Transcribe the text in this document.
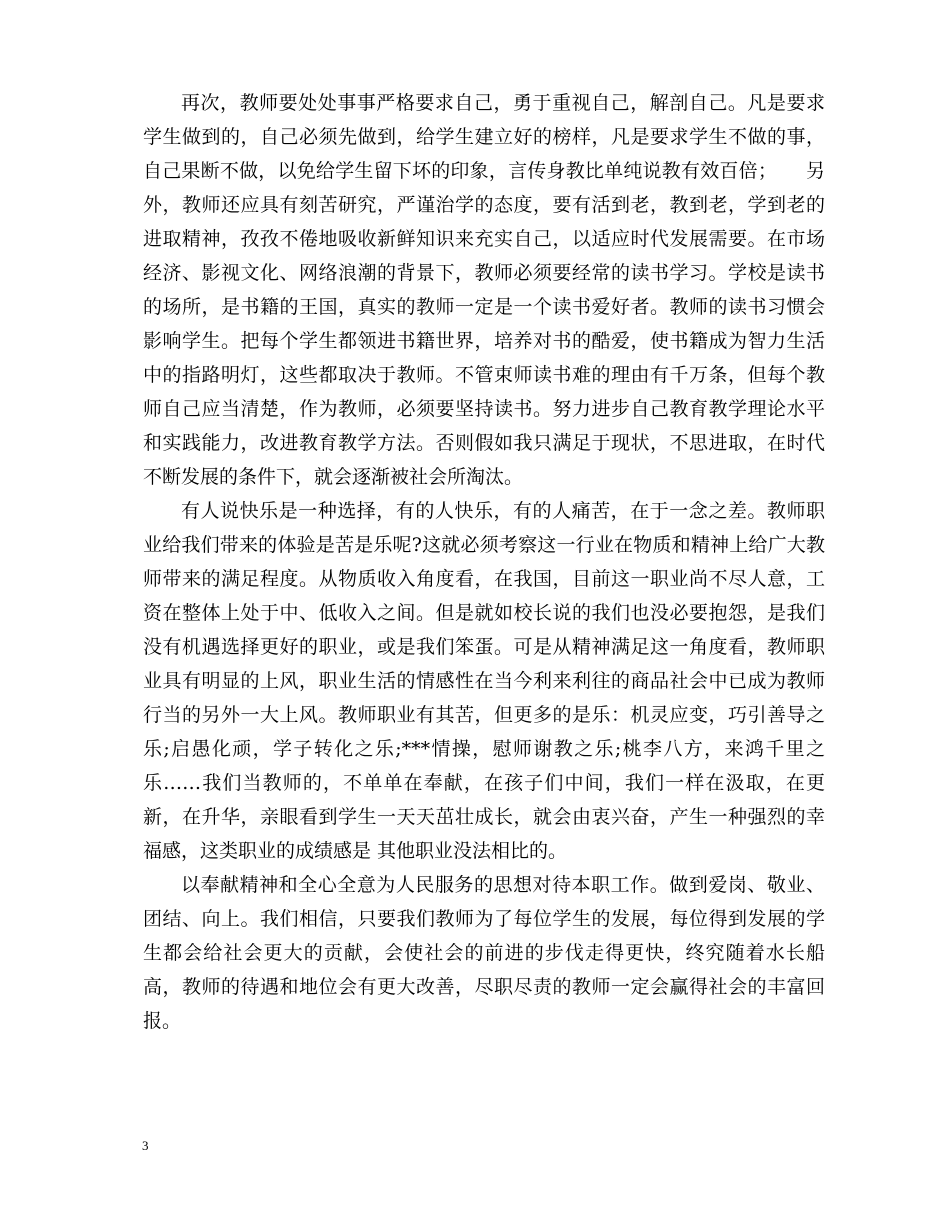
再次，教师要处处事事严格要求自己，勇于重视自己，解剖自己。凡是要求学生做到的，自己必须先做到，给学生建立好的榜样，凡是要求学生不做的事，自己果断不做，以免给学生留下坏的印象，言传身教比单纯说教有效百倍；　　另外，教师还应具有刻苦研究，严谨治学的态度，要有活到老，教到老，学到老的进取精神，孜孜不倦地吸收新鲜知识来充实自己，以适应时代发展需要。在市场经济、影视文化、网络浪潮的背景下，教师必须要经常的读书学习。学校是读书的场所，是书籍的王国，真实的教师一定是一个读书爱好者。教师的读书习惯会影响学生。把每个学生都领进书籍世界，培养对书的酷爱，使书籍成为智力生活中的指路明灯，这些都取决于教师。不管束师读书难的理由有千万条，但每个教师自己应当清楚，作为教师，必须要坚持读书。努力进步自己教育教学理论水平和实践能力，改进教育教学方法。否则假如我只满足于现状，不思进取，在时代不断发展的条件下，就会逐渐被社会所淘汰。

有人说快乐是一种选择，有的人快乐，有的人痛苦，在于一念之差。教师职业给我们带来的体验是苦是乐呢?这就必须考察这一行业在物质和精神上给广大教师带来的满足程度。从物质收入角度看，在我国，目前这一职业尚不尽人意，工资在整体上处于中、低收入之间。但是就如校长说的我们也没必要抱怨，是我们没有机遇选择更好的职业，或是我们笨蛋。可是从精神满足这一角度看，教师职业具有明显的上风，职业生活的情感性在当今利来利往的商品社会中已成为教师行当的另外一大上风。教师职业有其苦，但更多的是乐：机灵应变，巧引善导之乐;启愚化顽，学子转化之乐;***情操，慰师谢教之乐;桃李八方，来鸿千里之乐……我们当教师的，不单单在奉献，在孩子们中间，我们一样在汲取，在更新，在升华，亲眼看到学生一天天茁壮成长，就会由衷兴奋，产生一种强烈的幸福感，这类职业的成绩感是 其他职业没法相比的。

以奉献精神和全心全意为人民服务的思想对待本职工作。做到爱岗、敬业、团结、向上。我们相信，只要我们教师为了每位学生的发展，每位得到发展的学生都会给社会更大的贡献，会使社会的前进的步伐走得更快，终究随着水长船高，教师的待遇和地位会有更大改善，尽职尽责的教师一定会赢得社会的丰富回报。

3
